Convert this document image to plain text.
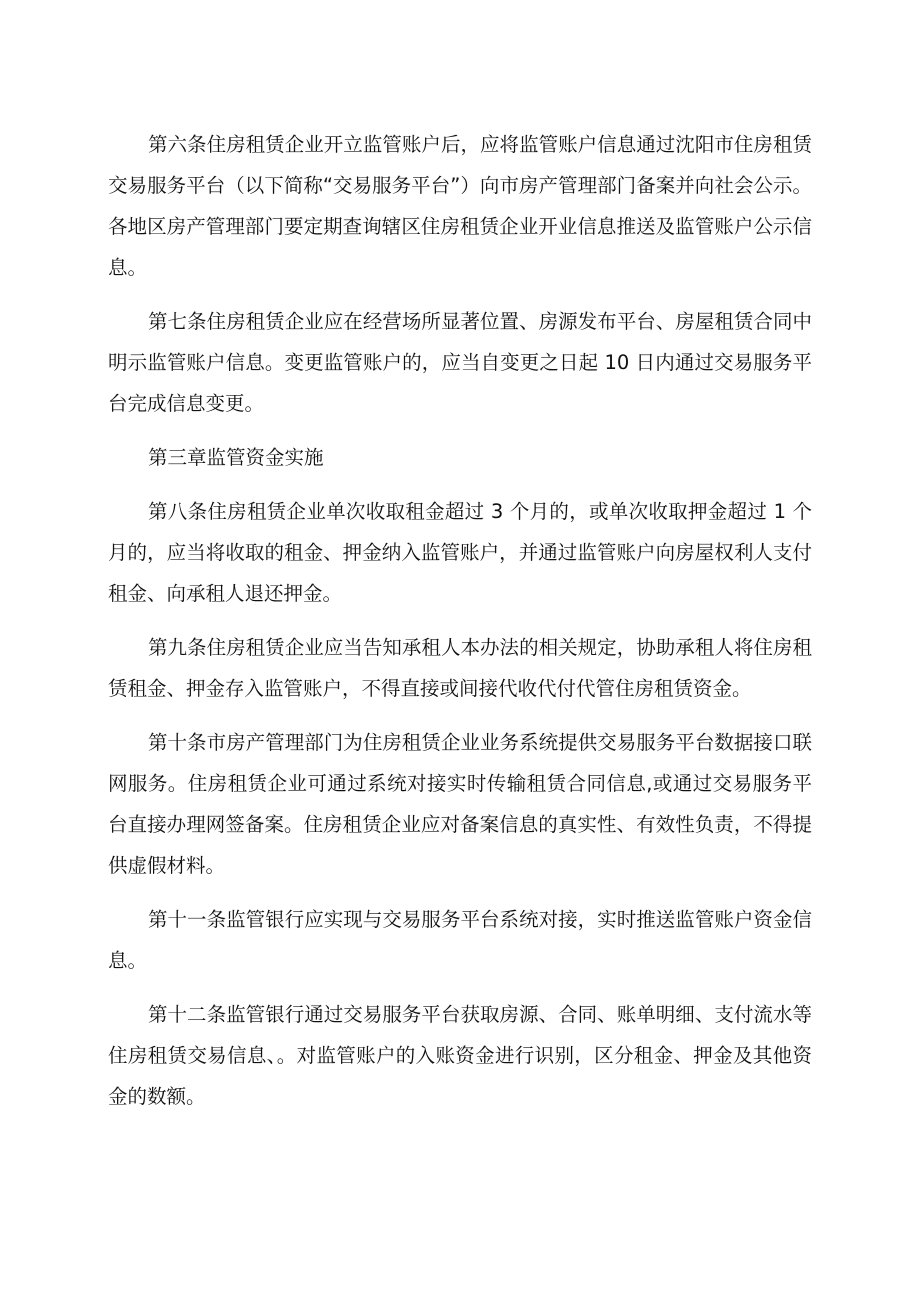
第六条住房租赁企业开立监管账户后，应将监管账户信息通过沈阳市住房租赁交易服务平台（以下简称“交易服务平台”）向市房产管理部门备案并向社会公示。各地区房产管理部门要定期查询辖区住房租赁企业开业信息推送及监管账户公示信息。

第七条住房租赁企业应在经营场所显著位置、房源发布平台、房屋租赁合同中明示监管账户信息。变更监管账户的，应当自变更之日起 10 日内通过交易服务平台完成信息变更。

第三章监管资金实施

第八条住房租赁企业单次收取租金超过 3 个月的，或单次收取押金超过 1 个月的，应当将收取的租金、押金纳入监管账户，并通过监管账户向房屋权利人支付租金、向承租人退还押金。

第九条住房租赁企业应当告知承租人本办法的相关规定，协助承租人将住房租赁租金、押金存入监管账户，不得直接或间接代收代付代管住房租赁资金。

第十条市房产管理部门为住房租赁企业业务系统提供交易服务平台数据接口联网服务。住房租赁企业可通过系统对接实时传输租赁合同信息,或通过交易服务平台直接办理网签备案。住房租赁企业应对备案信息的真实性、有效性负责，不得提供虚假材料。

第十一条监管银行应实现与交易服务平台系统对接，实时推送监管账户资金信息。

第十二条监管银行通过交易服务平台获取房源、合同、账单明细、支付流水等住房租赁交易信息、。对监管账户的入账资金进行识别，区分租金、押金及其他资金的数额。
